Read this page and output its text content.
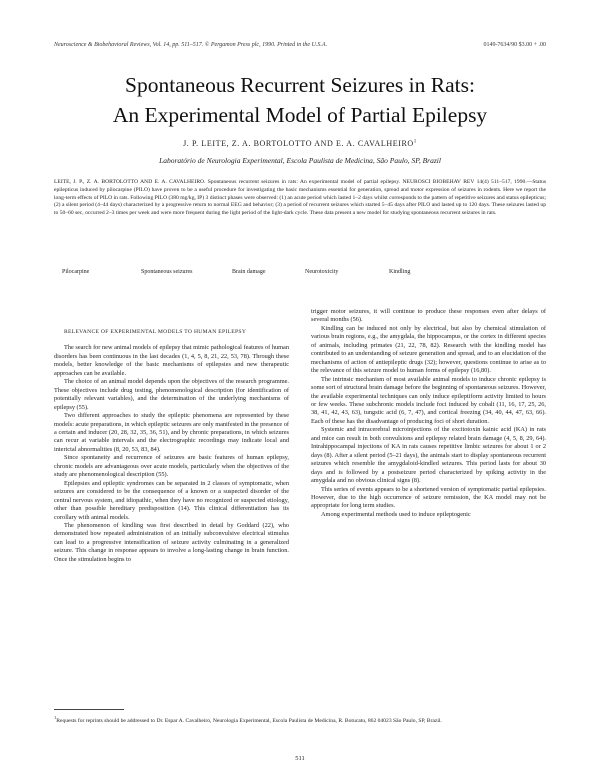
Neuroscience & Biobehavioral Reviews, Vol. 14, pp. 511–517. © Pergamon Press plc, 1990. Printed in the U.S.A.	0149-7634/90 $3.00 + .00
Spontaneous Recurrent Seizures in Rats:
An Experimental Model of Partial Epilepsy
J. P. LEITE, Z. A. BORTOLOTTO AND E. A. CAVALHEIRO$^1$
Laboratório de Neurologia Experimental, Escola Paulista de Medicina, São Paulo, SP, Brazil
LEITE, J. P., Z. A. BORTOLOTTO AND E. A. CAVALHEIRO. Spontaneous recurrent seizures in rats: An experimental model of partial epilepsy. NEUROSCI BIOBEHAV REV 14(4) 511–517, 1990.—Status epilepticus induced by pilocarpine (PILO) have proven to be a useful procedure for investigating the basic mechanisms essential for generation, spread and motor expression of seizures in rodents. Here we report the long-term effects of PILO in rats. Following PILO (380 mg/kg, IP) 3 distinct phases were observed: (1) an acute period which lasted 1–2 days whilst corresponds to the pattern of repetitive seizures and status epilepticus; (2) a silent period (4–44 days) characterized by a progressive return to normal EEG and behavior; (3) a period of recurrent seizures which started 5–45 days after PILO and lasted up to 120 days. These seizures lasted up to 50–60 sec, occurred 2–3 times per week and were more frequent during the light period of the light-dark cycle. These data present a new model for studying spontaneous recurrent seizures in rats.
Pilocarpine	Spontaneous seizures	Brain damage	Neurotoxicity	Kindling
RELEVANCE OF EXPERIMENTAL MODELS TO HUMAN EPILEPSY

The search for new animal models of epilepsy that mimic pathological features of human disorders has been continuous in the last decades (1, 4, 5, 8, 21, 22, 53, 78). Through these models, better knowledge of the basic mechanisms of epilepsies and new therapeutic approaches can be available.

The choice of an animal model depends upon the objectives of the research programme. These objectives include drug testing, phenomenological description (for identification of potentially relevant variables), and the determination of the underlying mechanisms of epilepsy (55).

Two different approaches to study the epileptic phenomena are represented by these models: acute preparations, in which epileptic seizures are only manifested in the presence of a certain and inducer (20, 28, 32, 35, 36, 51), and by chronic preparations, in which seizures can recur at variable intervals and the electrographic recordings may indicate local and interictal abnormalities (8, 20, 53, 83, 84).

Since spontaneity and recurrence of seizures are basic features of human epilepsy, chronic models are advantageous over acute models, particularly when the objectives of the study are phenomenological description (55).

Epilepsies and epileptic syndromes can be separated in 2 classes of symptomatic, when seizures are considered to be the consequence of a known or a suspected disorder of the central nervous system, and idiopathic, when they have no recognized or suspected etiology, other than possible hereditary predisposition (14). This clinical differentiation has its corollary with animal models.

The phenomenon of kindling was first described in detail by Goddard (22), who demonstrated how repeated administration of an initially subconvulsive electrical stimulus can lead to a progressive intensification of seizure activity culminating in a generalized seizure. This change in response appears to involve a long-lasting change in brain function. Once the stimulation begins to

trigger motor seizures, it will continue to produce these responses even after delays of several months (56).

Kindling can be induced not only by electrical, but also by chemical stimulation of various brain regions, e.g., the amygdala, the hippocampus, or the cortex in different species of animals, including primates (21, 22, 78, 82). Research with the kindling model has contributed to an understanding of seizure generation and spread, and to an elucidation of the mechanisms of action of antiepileptic drugs (32); however, questions continue to arise as to the relevance of this seizure model to human forms of epilepsy (16,80).

The intrinsic mechanism of most available animal models to induce chronic epilepsy is some sort of structural brain damage before the beginning of spontaneous seizures. However, the available experimental techniques can only induce epileptiform activity limited to hours or few weeks. These subchronic models include foci induced by cobalt (11, 16, 17, 25, 26, 38, 41, 42, 43, 63), tungstic acid (6, 7, 47), and cortical freezing (34, 40, 44, 47, 63, 66). Each of these has the disadvantage of producing foci of short duration.

Systemic and intracerebral microinjections of the excitotoxin kainic acid (KA) in rats and mice can result in both convulsions and epilepsy related brain damage (4, 5, 8, 29, 64). Intrahippocampal injections of KA in rats causes repetitive limbic seizures for about 1 or 2 days (8). After a silent period (5–21 days), the animals start to display spontaneous recurrent seizures which resemble the amygdaloid-kindled seizures. This period lasts for about 30 days and is followed by a postseizure period characterized by spiking activity in the amygdala and no obvious clinical signs (8).

This series of events appears to be a shortened version of symptomatic partial epilepsies. However, due to the high occurrence of seizure remission, the KA model may not be appropriate for long term studies.

Among experimental methods used to induce epileptogenic

$^1$Requests for reprints should be addressed to Dr. Espar A. Cavalheiro, Neurologia Experimental, Escola Paulista de Medicina, R. Botucatu, 862 04023 São Paulo, SP, Brazil.
511
